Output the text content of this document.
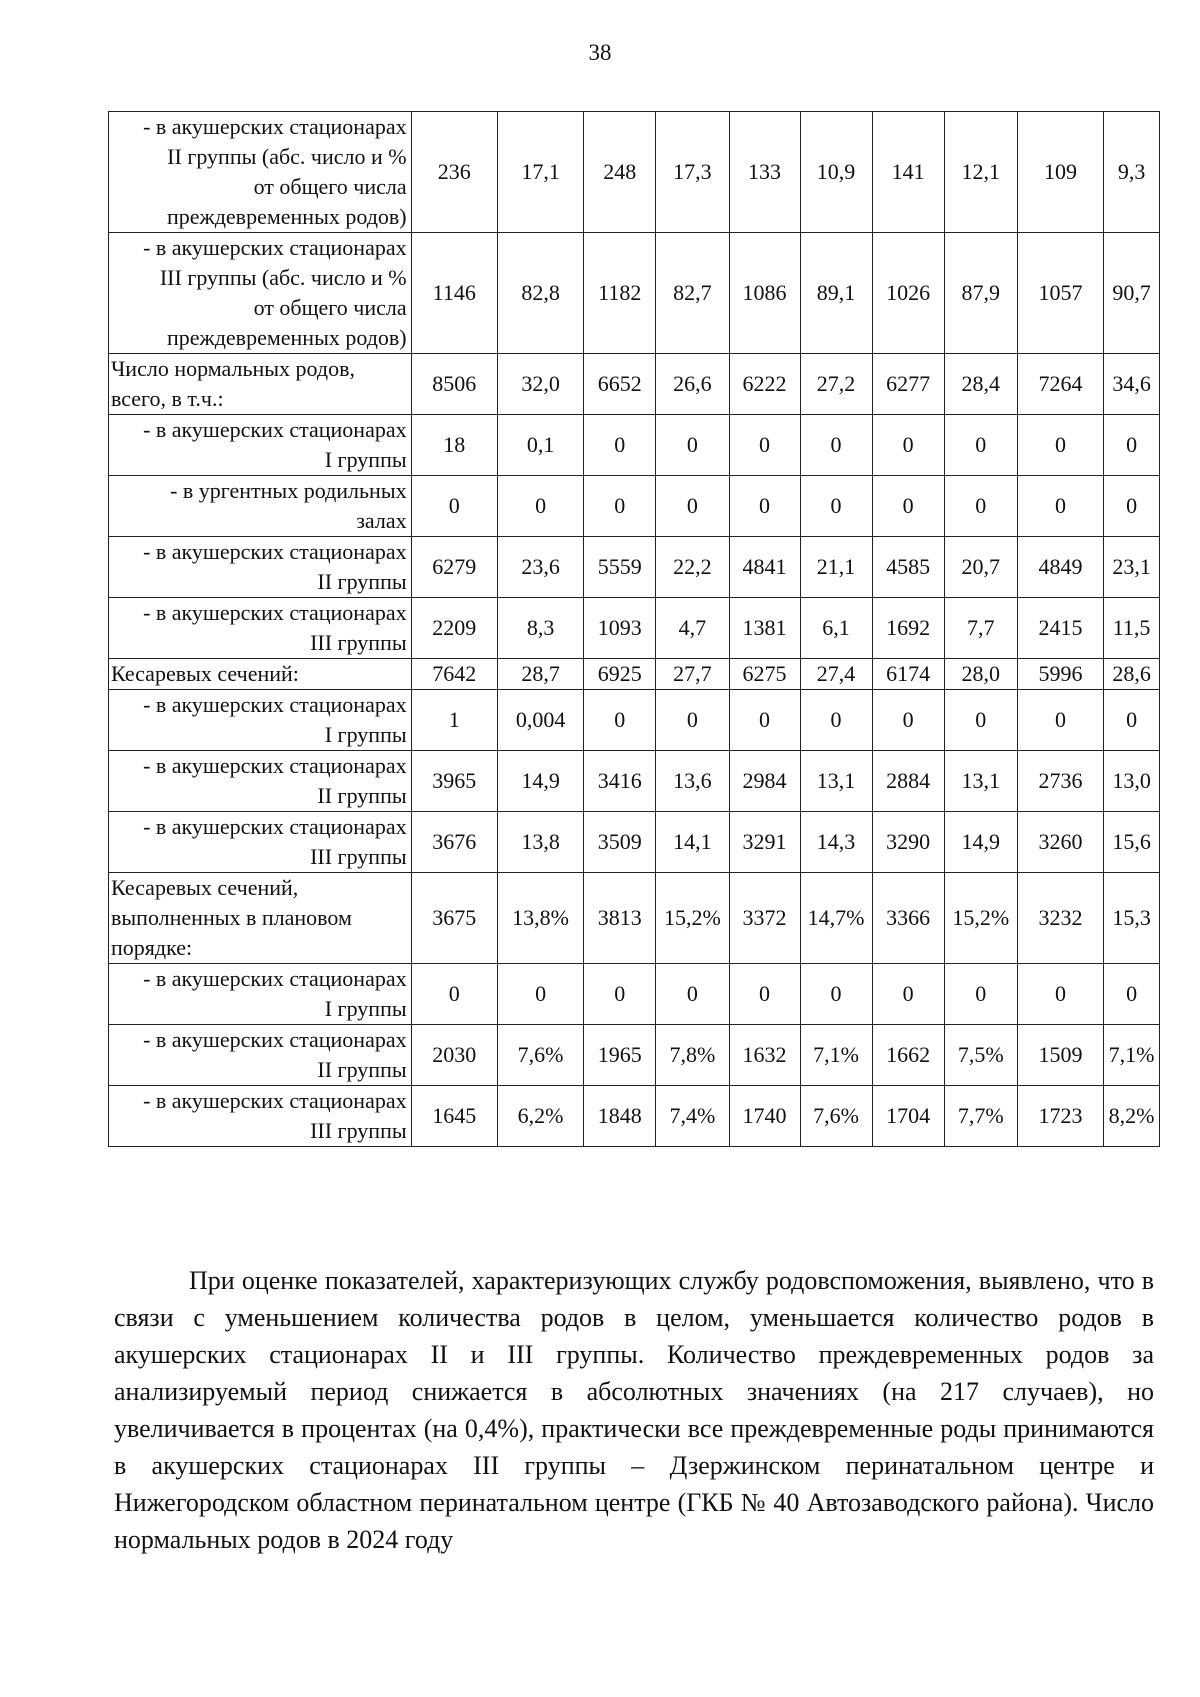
38
- в акушерских стационарах
II группы (абс. число и %
от общего числа
преждевременных родов)	236	17,1	248	17,3	133	10,9	141	12,1	109	9,3

- в акушерских стационарах
III группы (абс. число и %
от общего числа
преждевременных родов)	1146	82,8	1182	82,7	1086	89,1	1026	87,9	1057	90,7

Число нормальных родов,
всего, в т.ч.:	8506	32,0	6652	26,6	6222	27,2	6277	28,4	7264	34,6

- в акушерских стационарах
I группы	18	0,1	0	0	0	0	0	0	0	0

- в ургентных родильных
залах	0	0	0	0	0	0	0	0	0	0

- в акушерских стационарах
II группы	6279	23,6	5559	22,2	4841	21,1	4585	20,7	4849	23,1

- в акушерских стационарах
III группы	2209	8,3	1093	4,7	1381	6,1	1692	7,7	2415	11,5

Кесаревых сечений:	7642	28,7	6925	27,7	6275	27,4	6174	28,0	5996	28,6

- в акушерских стационарах
I группы	1	0,004	0	0	0	0	0	0	0	0

- в акушерских стационарах
II группы	3965	14,9	3416	13,6	2984	13,1	2884	13,1	2736	13,0

- в акушерских стационарах
III группы	3676	13,8	3509	14,1	3291	14,3	3290	14,9	3260	15,6

Кесаревых сечений,
выполненных в плановом
порядке:	3675	13,8%	3813	15,2%	3372	14,7%	3366	15,2%	3232	15,3

- в акушерских стационарах
I группы	0	0	0	0	0	0	0	0	0	0

- в акушерских стационарах
II группы	2030	7,6%	1965	7,8%	1632	7,1%	1662	7,5%	1509	7,1%

- в акушерских стационарах
III группы	1645	6,2%	1848	7,4%	1740	7,6%	1704	7,7%	1723	8,2%

При оценке показателей, характеризующих службу родовспоможения, выявлено, что в связи с уменьшением количества родов в целом, уменьшается количество родов в акушерских стационарах II и III группы. Количество преждевременных родов за анализируемый период снижается в абсолютных значениях (на 217 случаев), но увеличивается в процентах (на 0,4%), практически все преждевременные роды принимаются в акушерских стационарах III группы – Дзержинском перинатальном центре и Нижегородском областном перинатальном центре (ГКБ № 40 Автозаводского района). Число нормальных родов в 2024 году
